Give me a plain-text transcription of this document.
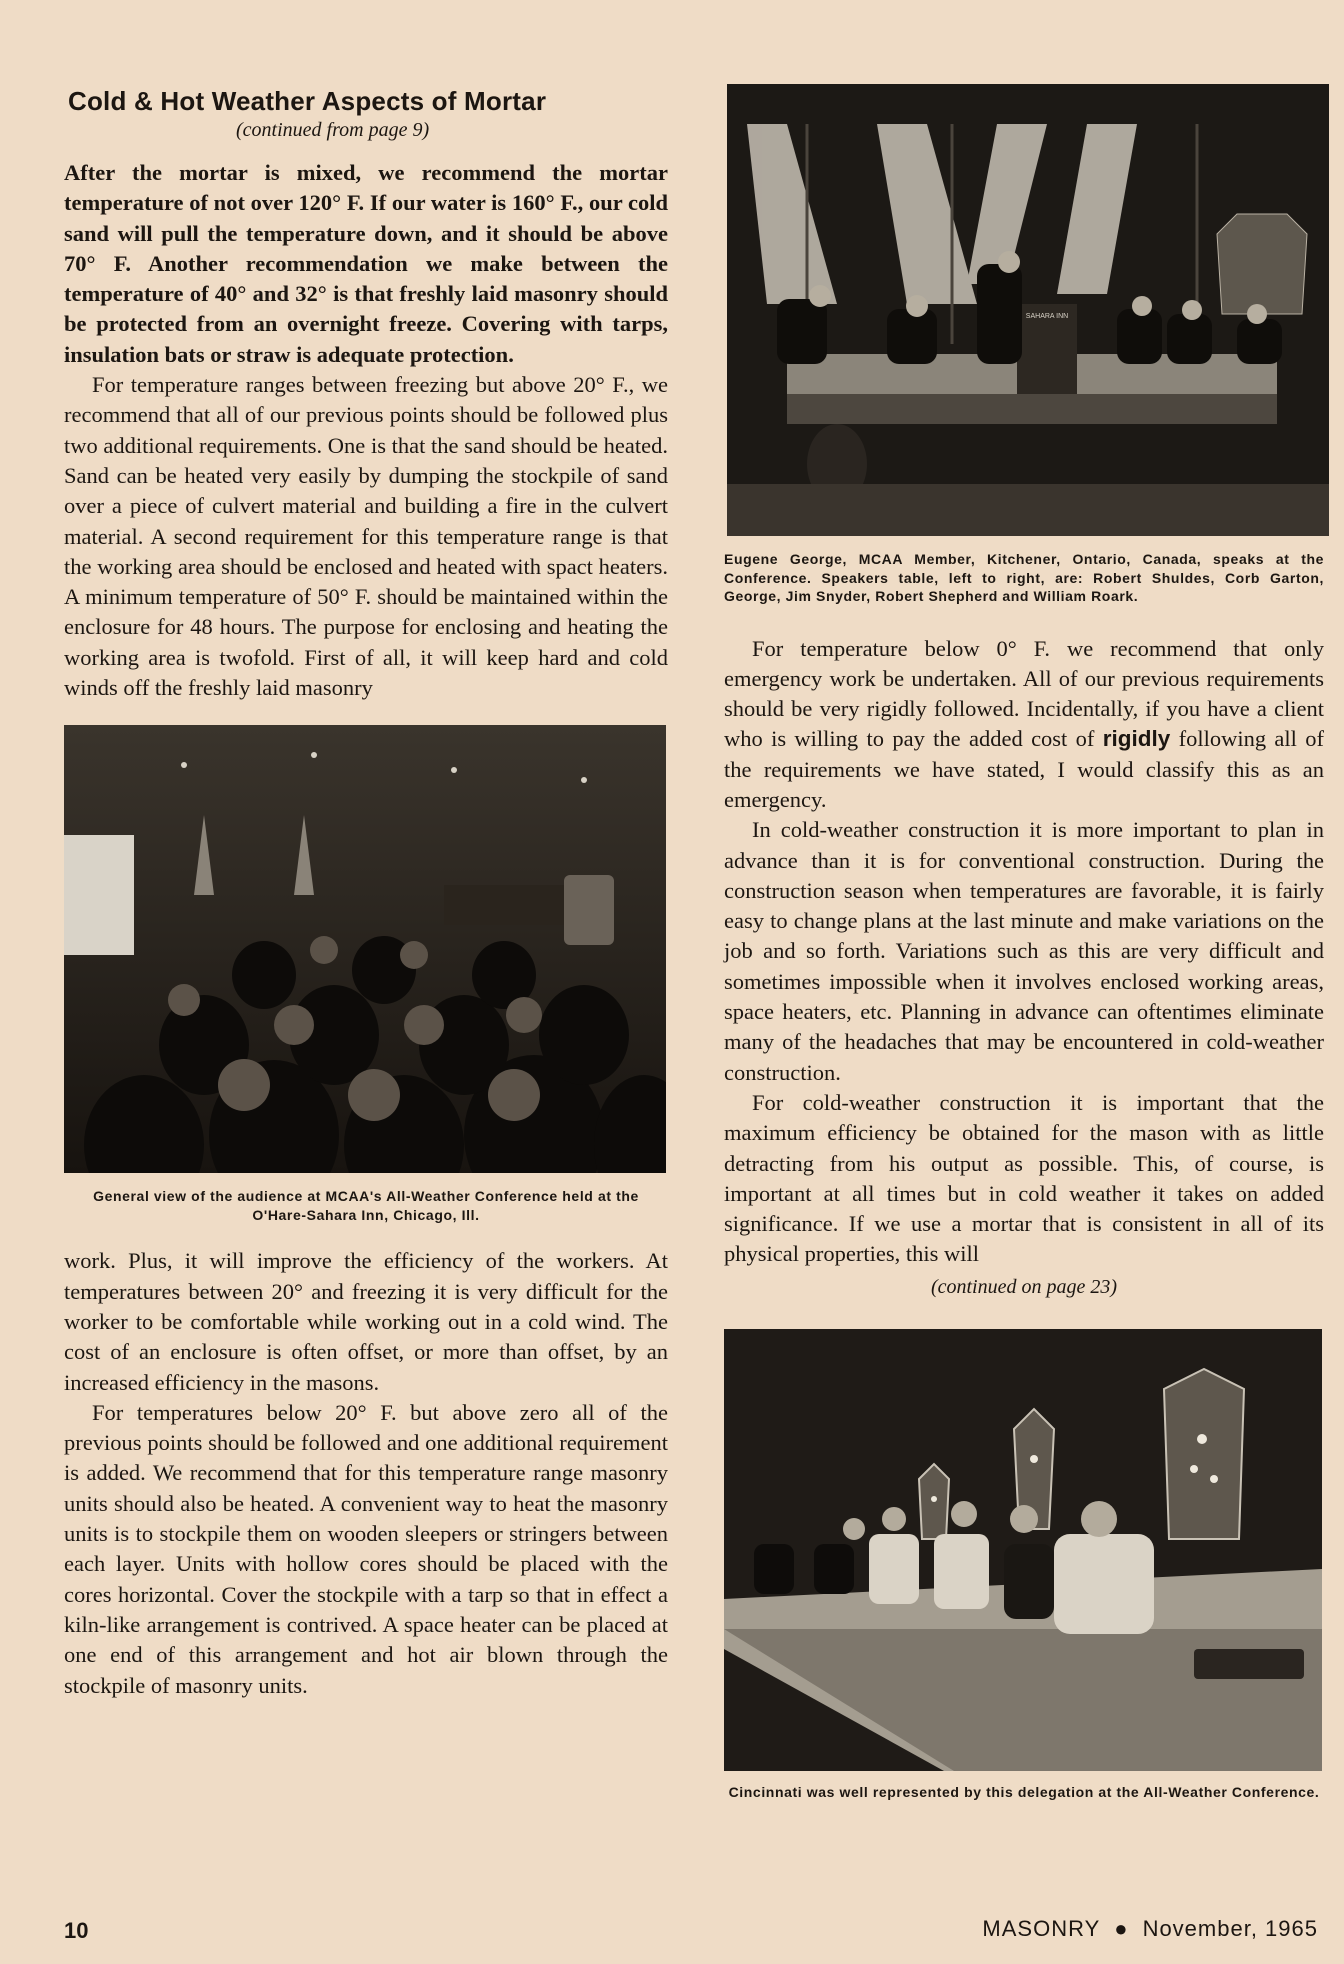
Cold & Hot Weather Aspects of Mortar
(continued from page 9)

After the mortar is mixed, we recommend the mortar temperature of not over 120° F. If our water is 160° F., our cold sand will pull the temperature down, and it should be above 70° F. Another recommendation we make between the temperature of 40° and 32° is that freshly laid masonry should be protected from an overnight freeze. Covering with tarps, insulation bats or straw is adequate protection.

For temperature ranges between freezing but above 20° F., we recommend that all of our previous points should be followed plus two additional requirements. One is that the sand should be heated. Sand can be heated very easily by dumping the stockpile of sand over a piece of culvert material and building a fire in the culvert material. A second requirement for this temperature range is that the working area should be enclosed and heated with spact heaters. A minimum temperature of 50° F. should be maintained within the enclosure for 48 hours. The purpose for enclosing and heating the working area is twofold. First of all, it will keep hard and cold winds off the freshly laid masonry

General view of the audience at MCAA's All-Weather Conference held at the O'Hare-Sahara Inn, Chicago, Ill.

work. Plus, it will improve the efficiency of the workers. At temperatures between 20° and freezing it is very difficult for the worker to be comfortable while working out in a cold wind. The cost of an enclosure is often offset, or more than offset, by an increased efficiency in the masons.

For temperatures below 20° F. but above zero all of the previous points should be followed and one additional requirement is added. We recommend that for this temperature range masonry units should also be heated. A convenient way to heat the masonry units is to stockpile them on wooden sleepers or stringers between each layer. Units with hollow cores should be placed with the cores horizontal. Cover the stockpile with a tarp so that in effect a kiln-like arrangement is contrived. A space heater can be placed at one end of this arrangement and hot air blown through the stockpile of masonry units.

SAHARA INN
Eugene George, MCAA Member, Kitchener, Ontario, Canada, speaks at the Conference. Speakers table, left to right, are: Robert Shuldes, Corb Garton, George, Jim Snyder, Robert Shepherd and William Roark.

For temperature below 0° F. we recommend that only emergency work be undertaken. All of our previous requirements should be very rigidly followed. Incidentally, if you have a client who is willing to pay the added cost of rigidly following all of the requirements we have stated, I would classify this as an emergency.

In cold-weather construction it is more important to plan in advance than it is for conventional construction. During the construction season when temperatures are favorable, it is fairly easy to change plans at the last minute and make variations on the job and so forth. Variations such as this are very difficult and sometimes impossible when it involves enclosed working areas, space heaters, etc. Planning in advance can oftentimes eliminate many of the headaches that may be encountered in cold-weather construction.

For cold-weather construction it is important that the maximum efficiency be obtained for the mason with as little detracting from his output as possible. This, of course, is important at all times but in cold weather it takes on added significance. If we use a mortar that is consistent in all of its physical properties, this will

(continued on page 23)
Cincinnati was well represented by this delegation at the All-Weather Conference.
10	MASONRY ● November, 1965
